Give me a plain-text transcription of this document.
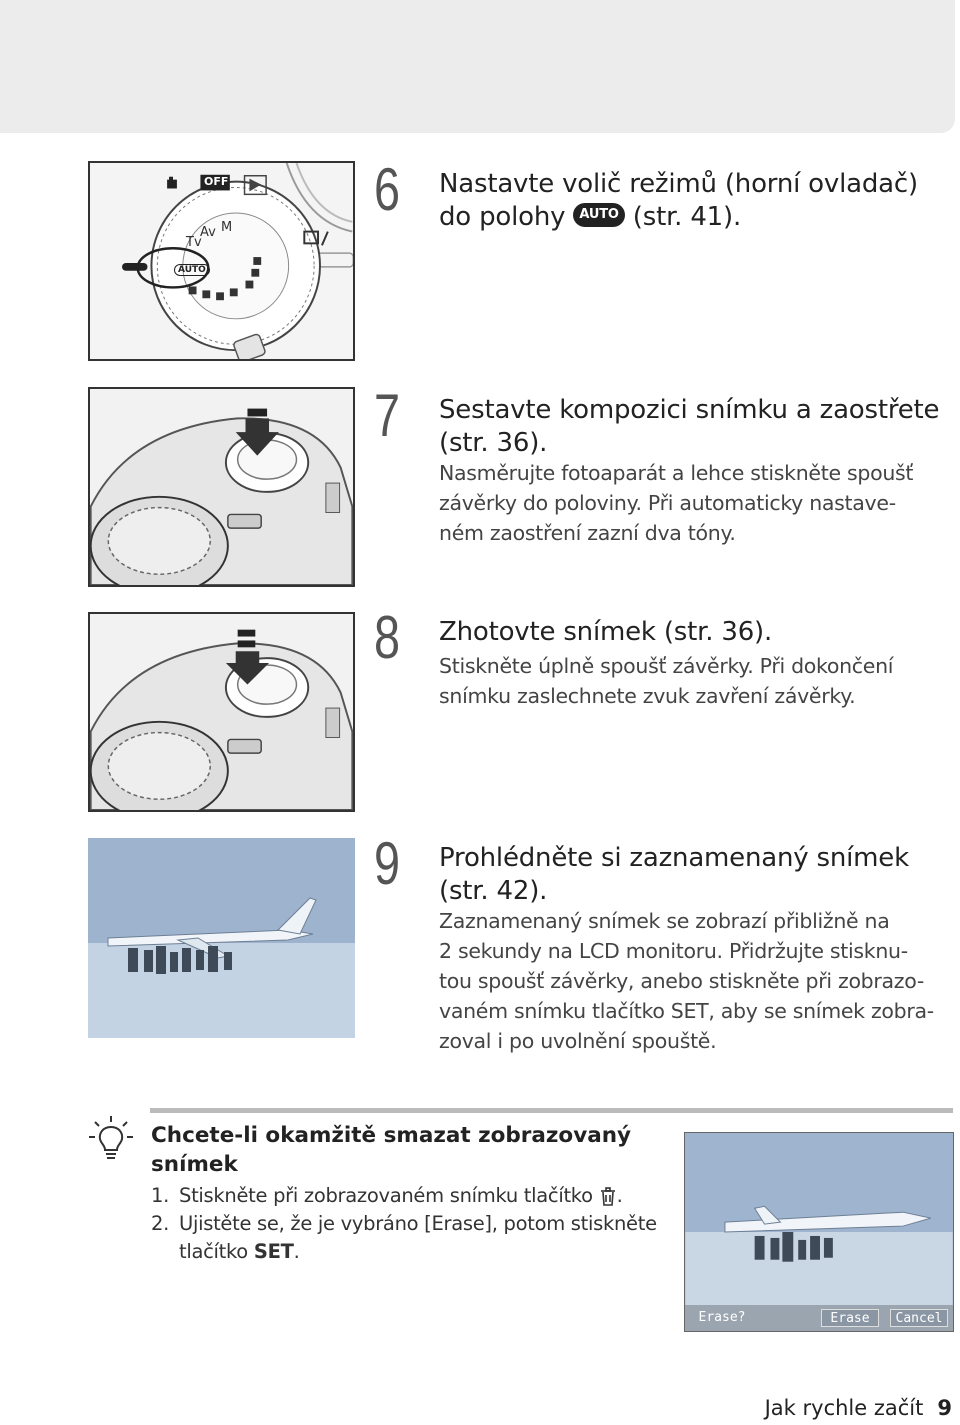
OFF
AUTO
M
Av
Tv
6 Nastavte volič režimů (horní ovladač)
do polohy AUTO (str. 41).
7 Sestavte kompozici snímku a zaostřete
(str. 36).
Nasměrujte fotoaparát a lehce stiskněte spoušť
závěrky do poloviny. Při automaticky nastave-
ném zaostření zazní dva tóny.
8 Zhotovte snímek (str. 36).
Stiskněte úplně spoušť závěrky. Při dokončení
snímku zaslechnete zvuk zavření závěrky.
9 Prohlédněte si zaznamenaný snímek
(str. 42).
Zaznamenaný snímek se zobrazí přibližně na
2 sekundy na LCD monitoru. Přidržujte stisknu-
tou spoušť závěrky, anebo stiskněte při zobrazo-
vaném snímku tlačítko SET, aby se snímek zobra-
zoval i po uvolnění spouště.
Chcete-li okamžitě smazat zobrazovaný
snímek
1. Stiskněte při zobrazovaném snímku tlačítko .
2. Ujistěte se, že je vybráno [Erase], potom stiskněte
tlačítko SET.
Erase?	Erase	Cancel
Jak rychle začít 9
